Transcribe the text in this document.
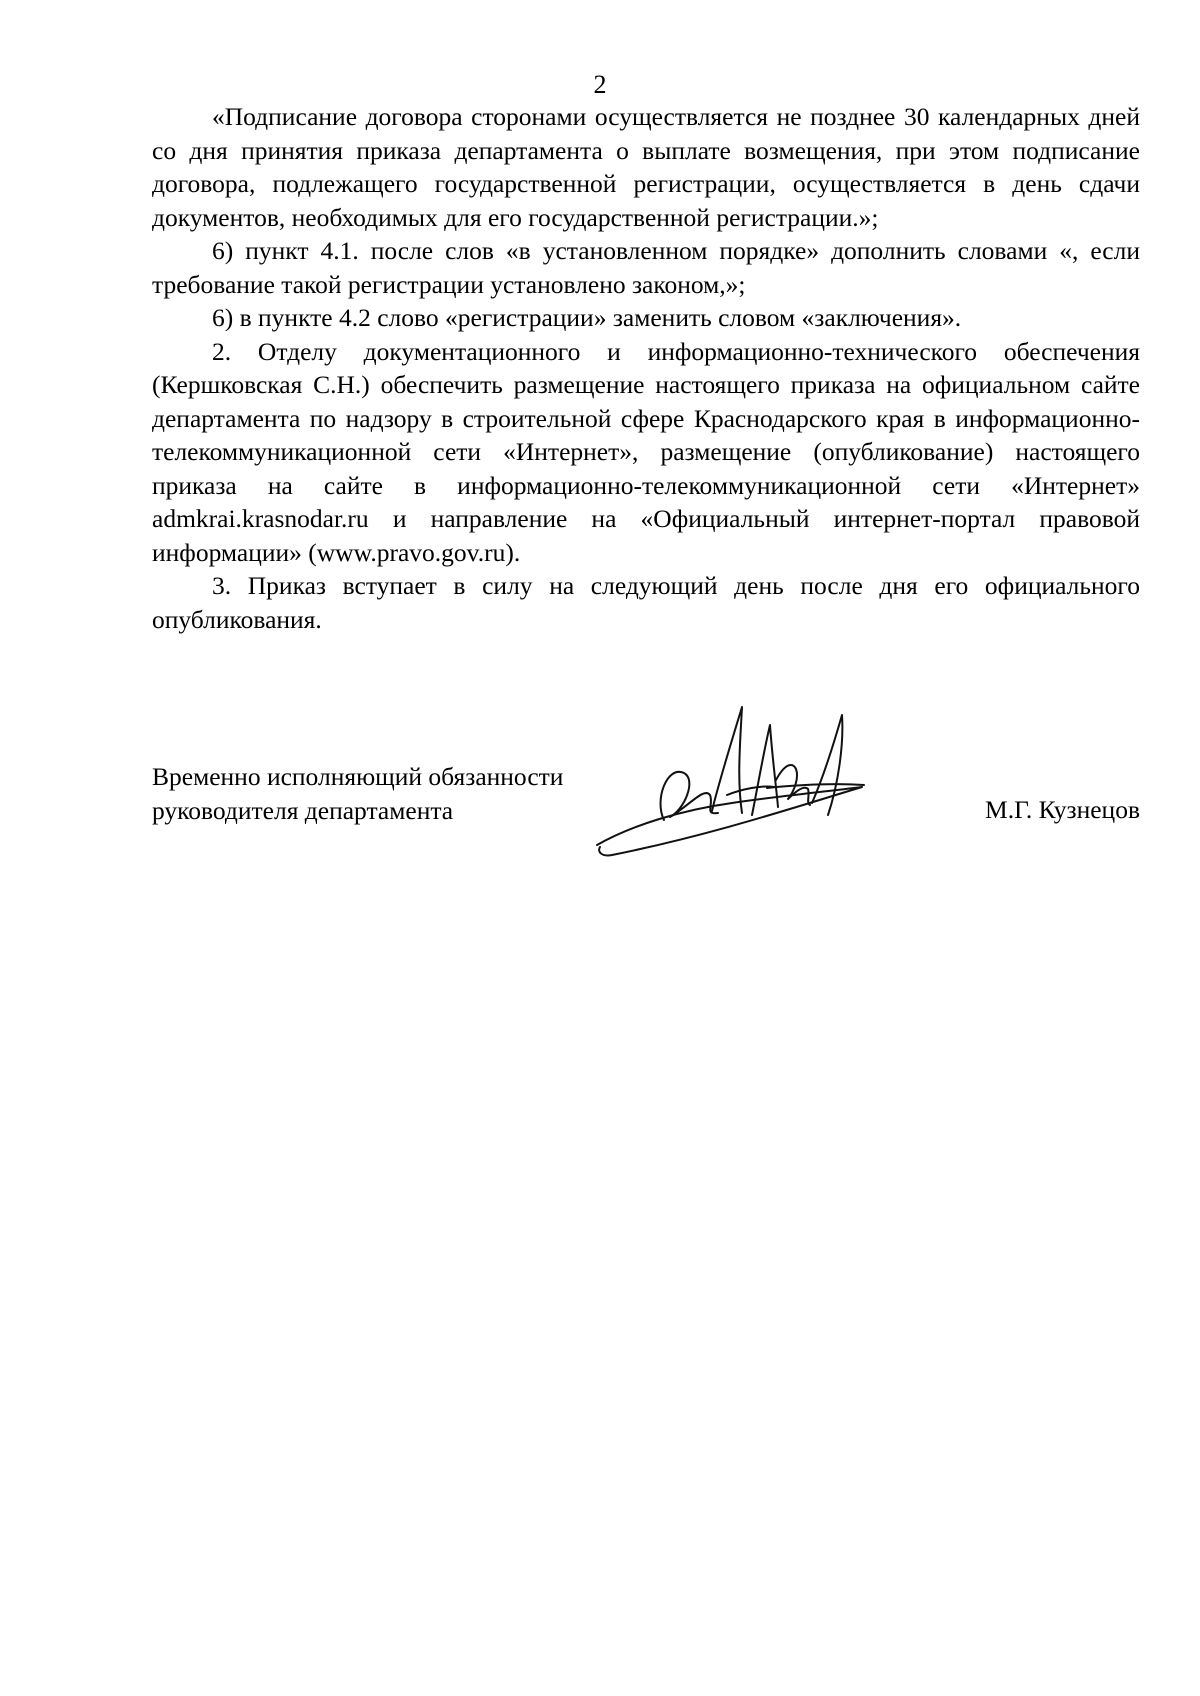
2

«Подписание договора сторонами осуществляется не позднее 30 календарных дней со дня принятия приказа департамента о выплате возмещения, при этом подписание договора, подлежащего государственной регистрации, осуществляется в день сдачи документов, необходимых для его государственной регистрации.»;

6) пункт 4.1. после слов «в установленном порядке» дополнить словами «, если требование такой регистрации установлено законом,»;

6) в пункте 4.2 слово «регистрации» заменить словом «заключения».

2. Отделу документационного и информационно-технического обеспечения (Кершковская С.Н.) обеспечить размещение настоящего приказа на официальном сайте департамента по надзору в строительной сфере Краснодарского края в информационно-телекоммуникационной сети «Интернет», размещение (опубликование) настоящего приказа на сайте в информационно-телекоммуникационной сети «Интернет» admkrai.krasnodar.ru и направление на «Официальный интернет-портал правовой информации» (www.pravo.gov.ru).

3. Приказ вступает в силу на следующий день после дня его официального опубликования.

Временно исполняющий обязанности
руководителя департамента	М.Г. Кузнецов
